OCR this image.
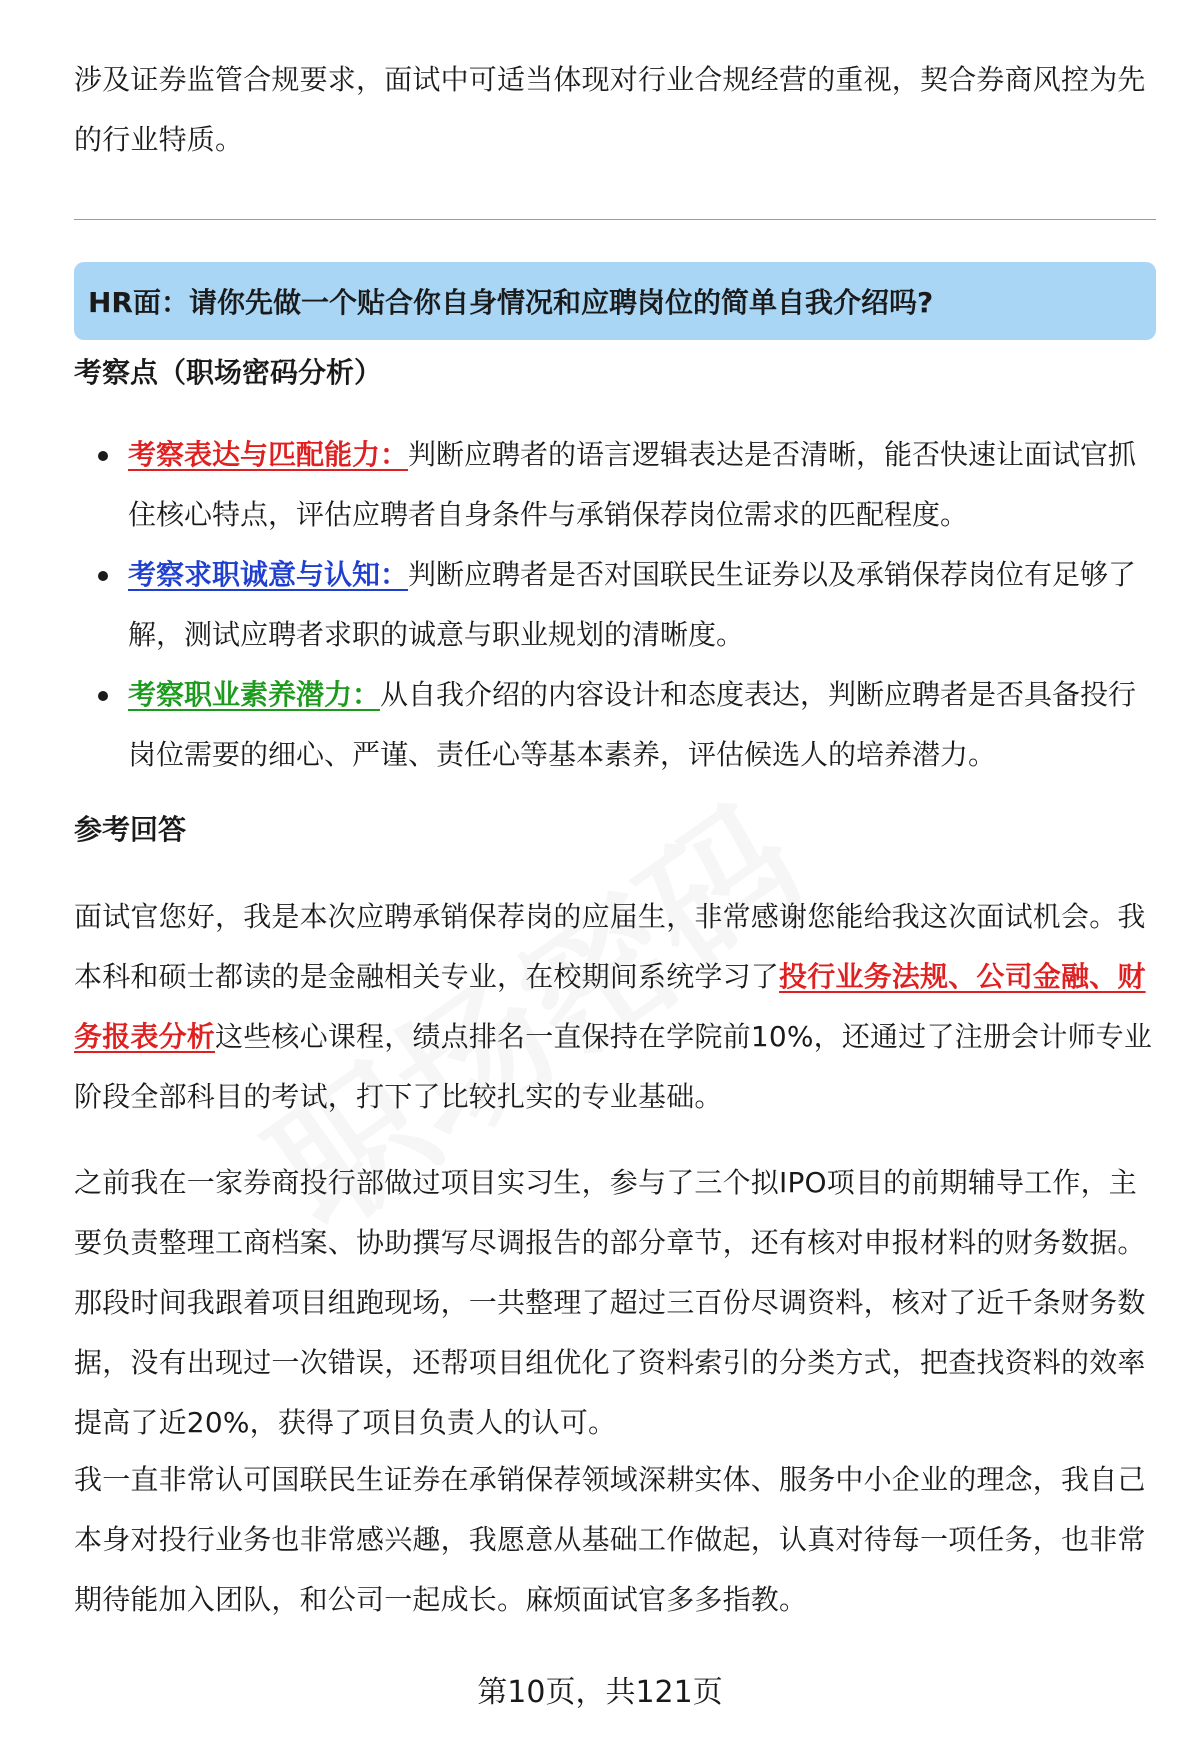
涉及证券监管合规要求，面试中可适当体现对行业合规经营的重视，契合券商风控为先的行业特质。

HR面：请你先做一个贴合你自身情况和应聘岗位的简单自我介绍吗?
考察点（职场密码分析）
考察表达与匹配能力：判断应聘者的语言逻辑表达是否清晰，能否快速让面试官抓住核心特点，评估应聘者自身条件与承销保荐岗位需求的匹配程度。
考察求职诚意与认知：判断应聘者是否对国联民生证券以及承销保荐岗位有足够了解，测试应聘者求职的诚意与职业规划的清晰度。
考察职业素养潜力：从自我介绍的内容设计和态度表达，判断应聘者是否具备投行岗位需要的细心、严谨、责任心等基本素养，评估候选人的培养潜力。
参考回答

面试官您好，我是本次应聘承销保荐岗的应届生，非常感谢您能给我这次面试机会。我本科和硕士都读的是金融相关专业，在校期间系统学习了投行业务法规、公司金融、财务报表分析这些核心课程，绩点排名一直保持在学院前10%，还通过了注册会计师专业阶段全部科目的考试，打下了比较扎实的专业基础。

之前我在一家券商投行部做过项目实习生，参与了三个拟IPO项目的前期辅导工作，主要负责整理工商档案、协助撰写尽调报告的部分章节，还有核对申报材料的财务数据。那段时间我跟着项目组跑现场，一共整理了超过三百份尽调资料，核对了近千条财务数据，没有出现过一次错误，还帮项目组优化了资料索引的分类方式，把查找资料的效率提高了近20%，获得了项目负责人的认可。

我一直非常认可国联民生证券在承销保荐领域深耕实体、服务中小企业的理念，我自己本身对投行业务也非常感兴趣，我愿意从基础工作做起，认真对待每一项任务，也非常期待能加入团队，和公司一起成长。麻烦面试官多多指教。

第10页，共121页
